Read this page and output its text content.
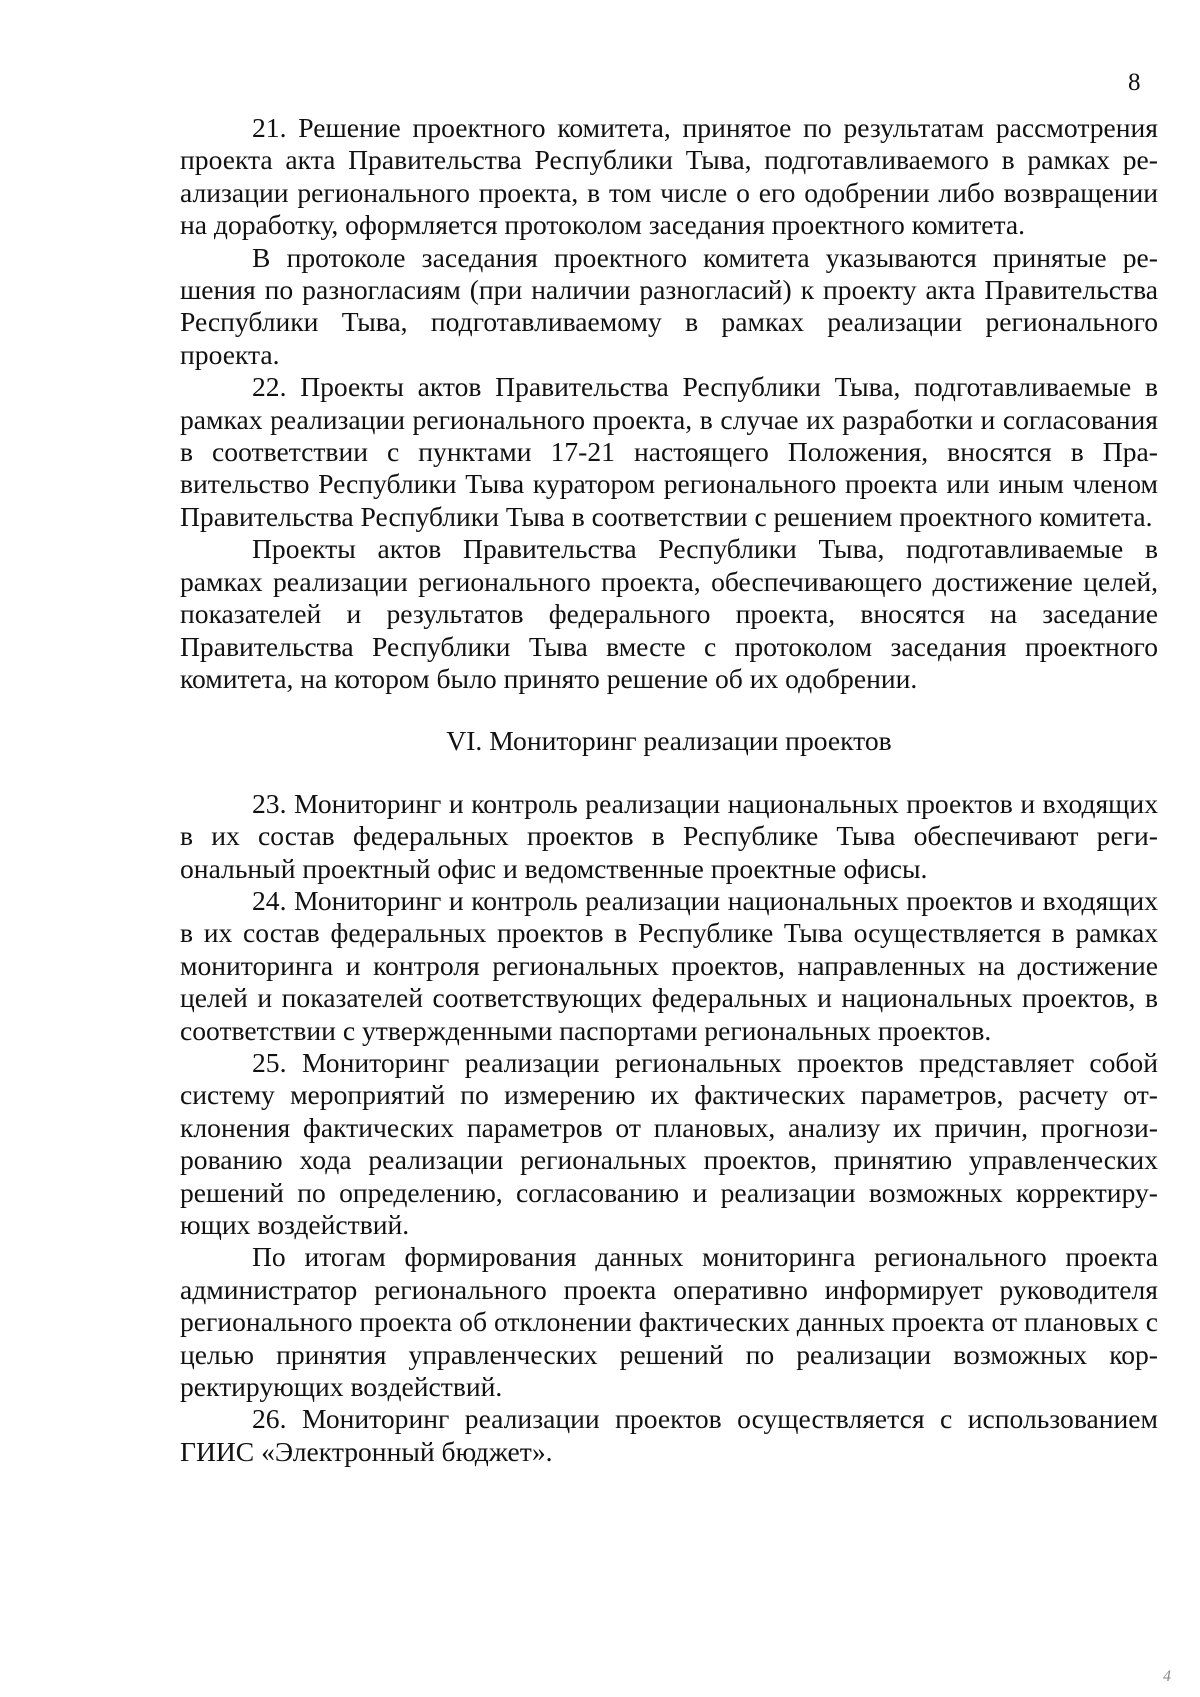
8

21. Решение проектного комитета, принятое по результатам рассмотрения проекта акта Правительства Республики Тыва, подготавливаемого в рамках реализации регионального проекта, в том числе о его одобрении либо возвращении на доработку, оформляется протоколом заседания проектного комитета.

В протоколе заседания проектного комитета указываются принятые решения по разногласиям (при наличии разногласий) к проекту акта Правительства Республики Тыва, подготавливаемому в рамках реализации регионального проекта.

22. Проекты актов Правительства Республики Тыва, подготавливаемые в рамках реализации регионального проекта, в случае их разработки и согласования в соответствии с пунктами 17-21 настоящего Положения, вносятся в Правительство Республики Тыва куратором регионального проекта или иным членом Правительства Республики Тыва в соответствии с решением проектного комитета.

Проекты актов Правительства Республики Тыва, подготавливаемые в рамках реализации регионального проекта, обеспечивающего достижение целей, показателей и результатов федерального проекта, вносятся на заседание Правительства Республики Тыва вместе с протоколом заседания проектного комитета, на котором было принято решение об их одобрении.

VI. Мониторинг реализации проектов

23. Мониторинг и контроль реализации национальных проектов и входящих в их состав федеральных проектов в Республике Тыва обеспечивают региональный проектный офис и ведомственные проектные офисы.

24. Мониторинг и контроль реализации национальных проектов и входящих в их состав федеральных проектов в Республике Тыва осуществляется в рамках мониторинга и контроля региональных проектов, направленных на достижение целей и показателей соответствующих федеральных и национальных проектов, в соответствии с утвержденными паспортами региональных проектов.

25. Мониторинг реализации региональных проектов представляет собой систему мероприятий по измерению их фактических параметров, расчету отклонения фактических параметров от плановых, анализу их причин, прогнозированию хода реализации региональных проектов, принятию управленческих решений по определению, согласованию и реализации возможных корректирующих воздействий.

По итогам формирования данных мониторинга регионального проекта администратор регионального проекта оперативно информирует руководителя регионального проекта об отклонении фактических данных проекта от плановых с целью принятия управленческих решений по реализации возможных корректирующих воздействий.

26. Мониторинг реализации проектов осуществляется с использованием ГИИС «Электронный бюджет».

4
